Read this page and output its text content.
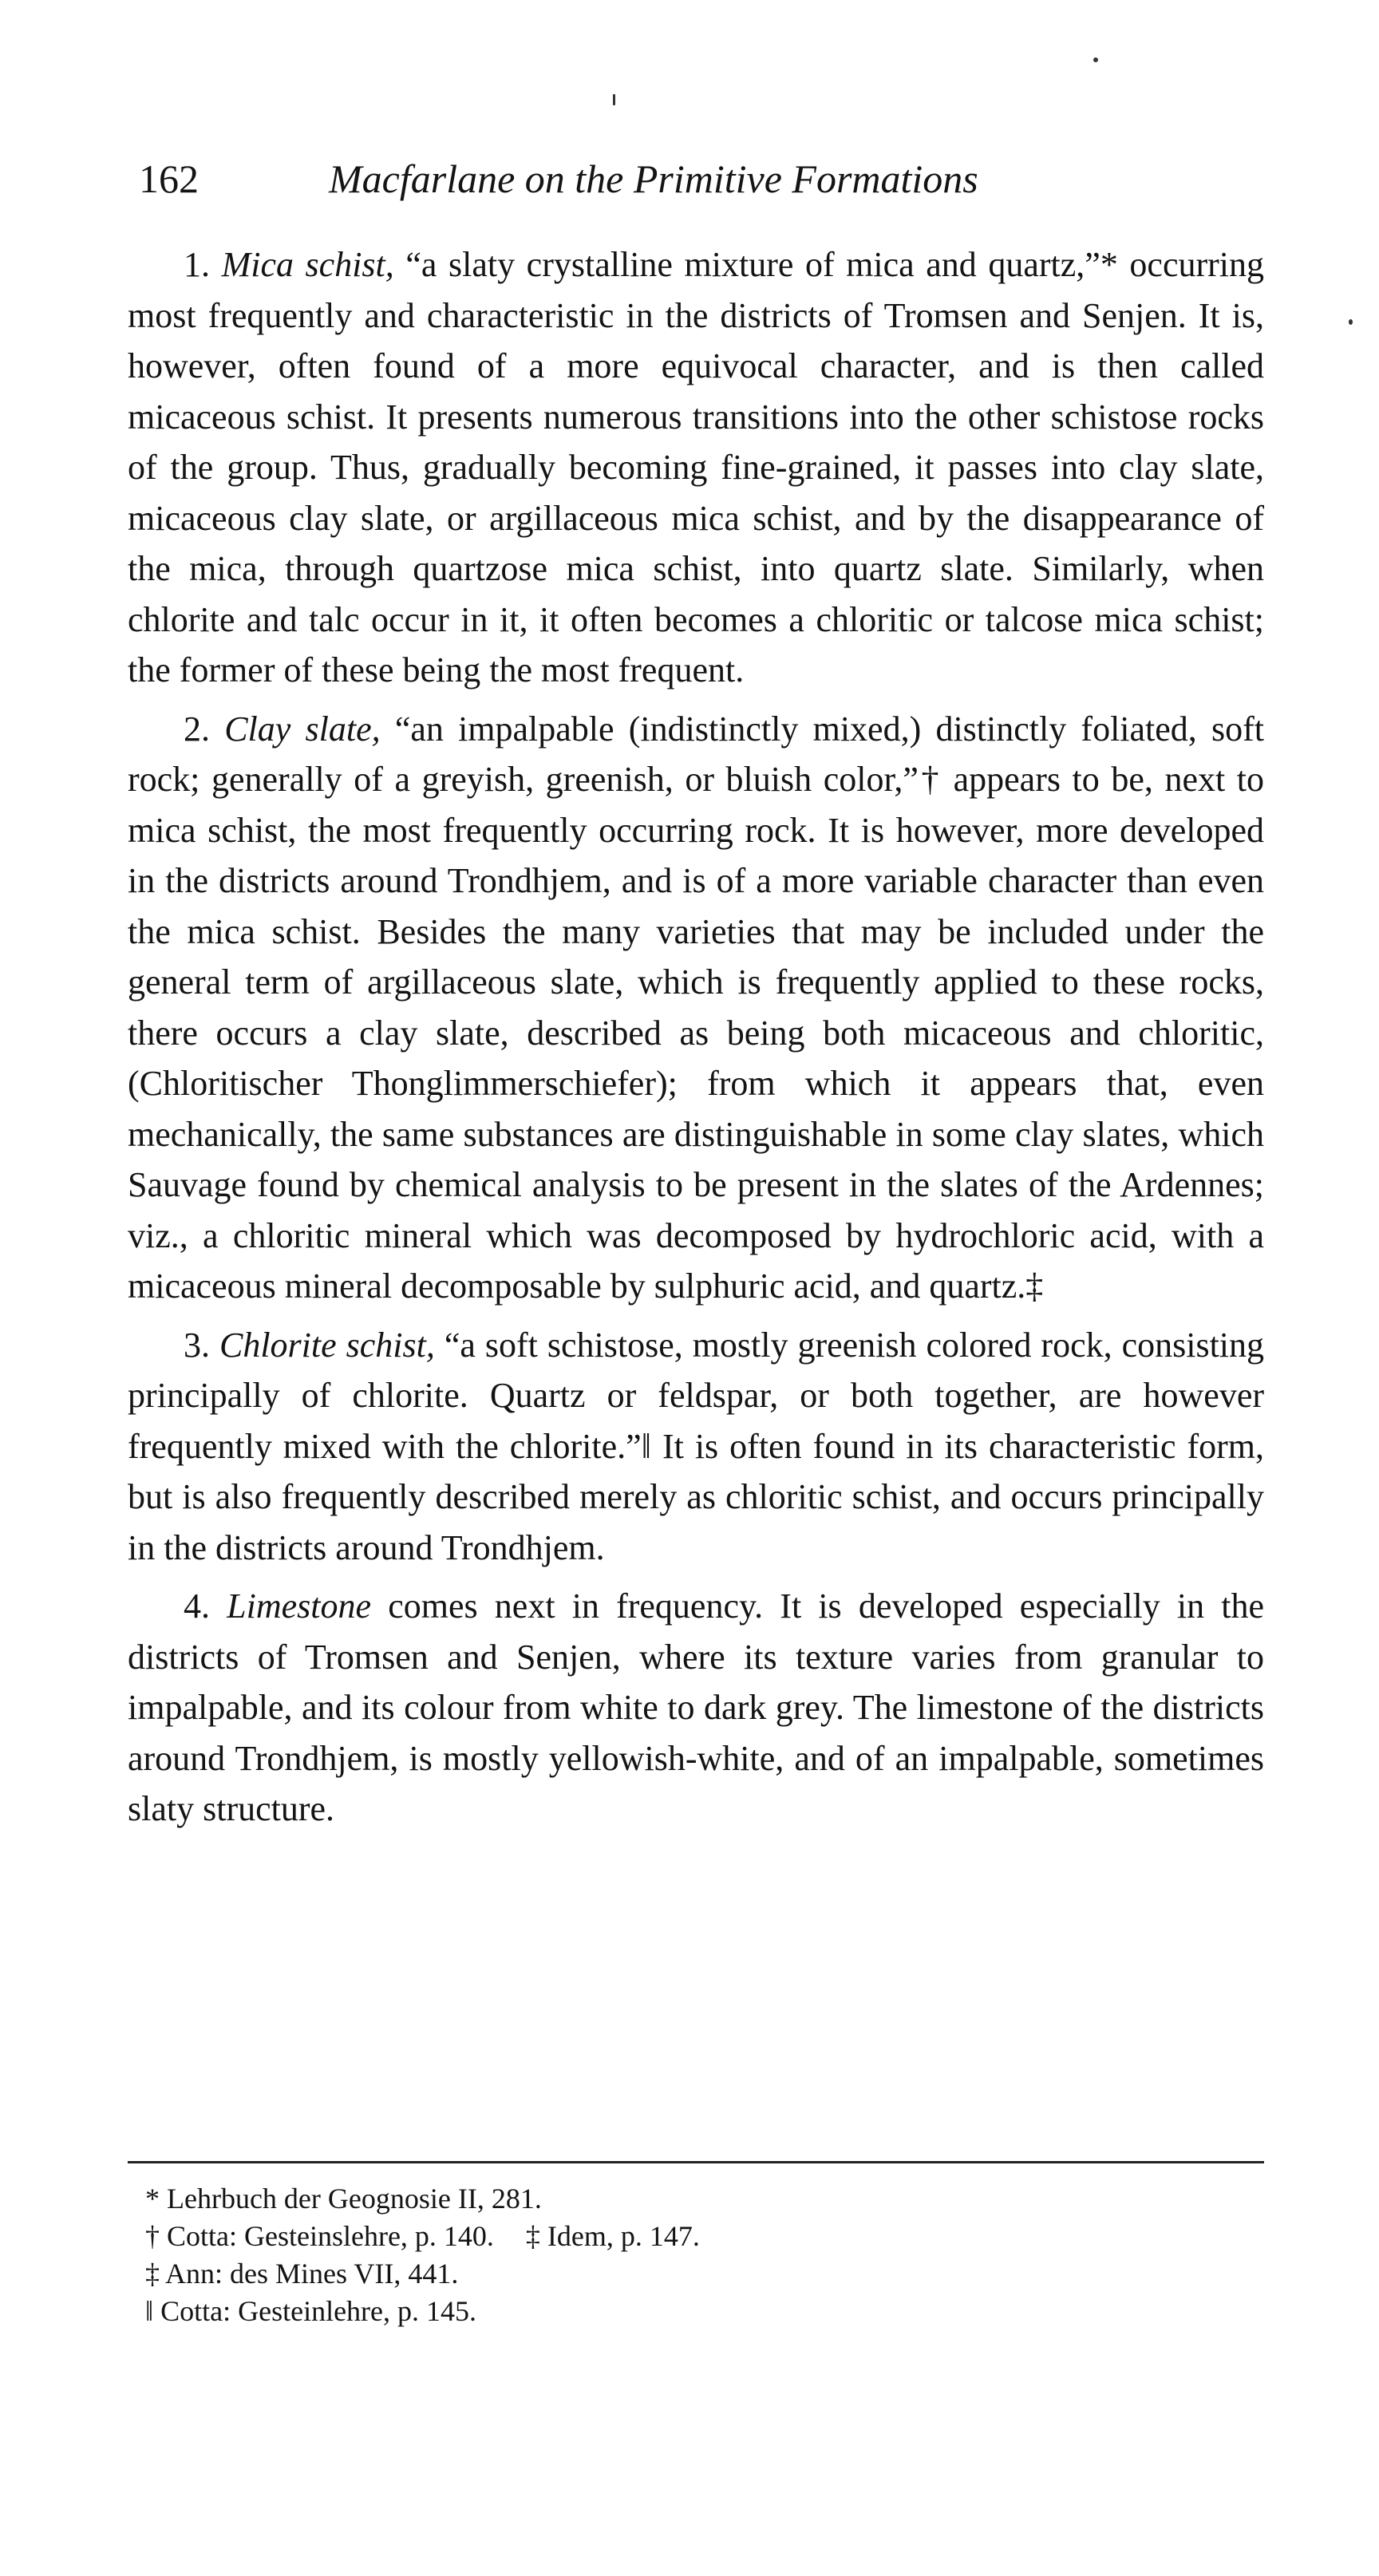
162	Macfarlane on the Primitive Formations

1. Mica schist, “a slaty crystalline mixture of mica and quartz,”* occurring most frequently and characteristic in the districts of Tromsen and Senjen. It is, however, often found of a more equivocal character, and is then called micaceous schist. It presents numerous transitions into the other schistose rocks of the group. Thus, gradually becoming fine-grained, it passes into clay slate, micaceous clay slate, or argillaceous mica schist, and by the disappearance of the mica, through quartzose mica schist, into quartz slate. Similarly, when chlorite and talc occur in it, it often becomes a chloritic or talcose mica schist; the former of these being the most frequent.

2. Clay slate, “an impalpable (indistinctly mixed,) distinctly foliated, soft rock; generally of a greyish, greenish, or bluish color,”† appears to be, next to mica schist, the most frequently occurring rock. It is however, more developed in the districts around Trondhjem, and is of a more variable character than even the mica schist. Besides the many varieties that may be included under the general term of argillaceous slate, which is frequently applied to these rocks, there occurs a clay slate, described as being both micaceous and chloritic, (Chloritischer Thonglimmerschiefer); from which it appears that, even mechanically, the same substances are distinguishable in some clay slates, which Sauvage found by chemical analysis to be present in the slates of the Ardennes; viz., a chloritic mineral which was decomposed by hydrochloric acid, with a micaceous mineral decomposable by sulphuric acid, and quartz.‡

3. Chlorite schist, “a soft schistose, mostly greenish colored rock, consisting principally of chlorite. Quartz or feldspar, or both together, are however frequently mixed with the chlorite.”‖ It is often found in its characteristic form, but is also frequently described merely as chloritic schist, and occurs principally in the districts around Trondhjem.

4. Limestone comes next in frequency. It is developed especially in the districts of Tromsen and Senjen, where its texture varies from granular to impalpable, and its colour from white to dark grey. The limestone of the districts around Trondhjem, is mostly yellowish-white, and of an impalpable, sometimes slaty structure.

* Lehrbuch der Geognosie II, 281.

† Cotta: Gesteinslehre, p. 140. ‡ Idem, p. 147.

‡ Ann: des Mines VII, 441.

‖ Cotta: Gesteinlehre, p. 145.
